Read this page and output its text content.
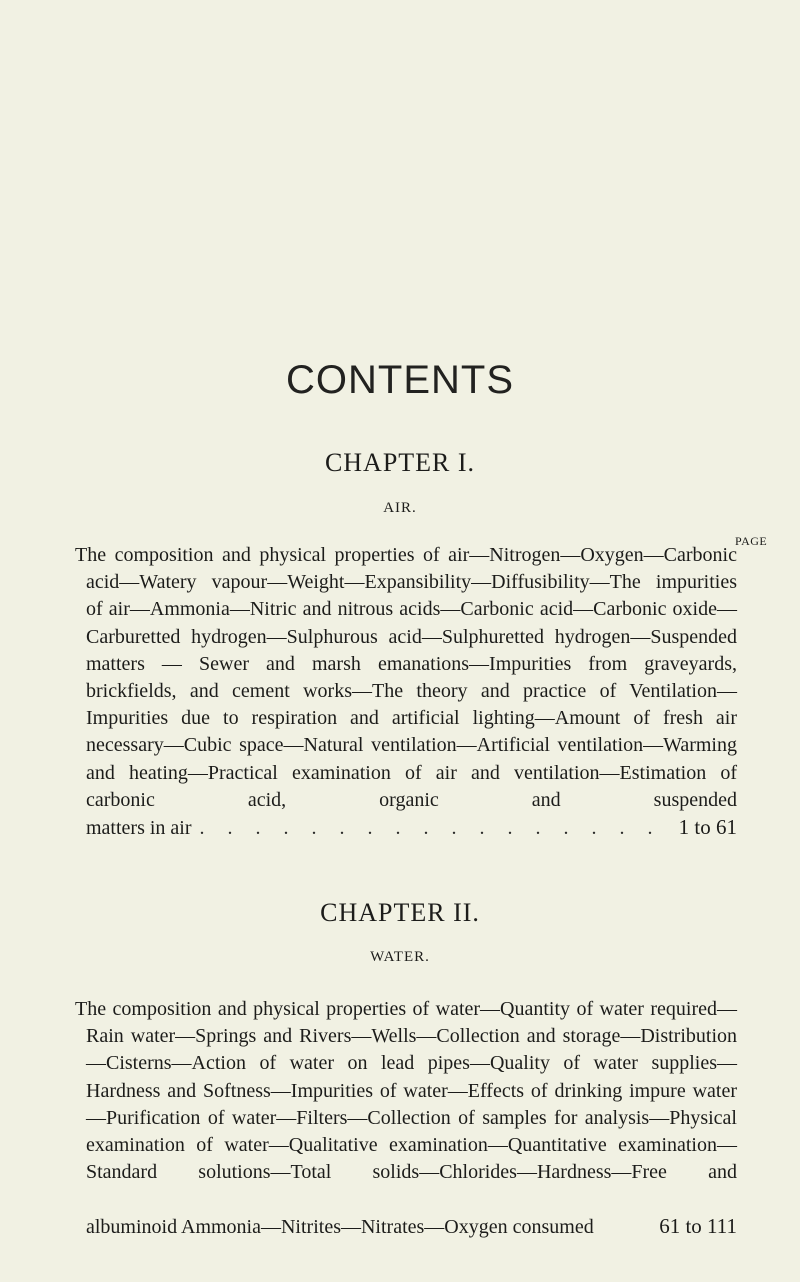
CONTENTS
CHAPTER I.
AIR.
PAGE
The composition and physical properties of air—Nitrogen—Oxygen—Carbonic acid—Watery vapour—Weight—Expansibility—Diffusibility—The impurities of air—Ammonia—Nitric and nitrous acids—Carbonic acid—Carbonic oxide—Carburetted hydrogen—Sulphurous acid—Sulphuretted hydrogen—Suspended matters — Sewer and marsh emanations—Impurities from graveyards, brickfields, and cement works—The theory and practice of Ventilation—Impurities due to respiration and artificial lighting—Amount of fresh air necessary—Cubic space—Natural ventilation—Artificial ventilation—Warming and heating—Practical examination of air and ventilation—Estimation of carbonic acid, organic and suspended
matters in air . . . . . . . . . . . . . . . . . 1 to 61
CHAPTER II.
WATER.
The composition and physical properties of water—Quantity of water required—Rain water—Springs and Rivers—Wells—Collection and storage—Distribution—Cisterns—Action of water on lead pipes—Quality of water supplies—Hardness and Softness—Impurities of water—Effects of drinking impure water—Purification of water—Filters—Collection of samples for analysis—Physical examination of water—Qualitative examination—Quantitative examination—Standard solutions—Total solids—Chlorides—Hardness—Free and
albuminoid Ammonia—Nitrites—Nitrates—Oxygen consumed	61 to 111
